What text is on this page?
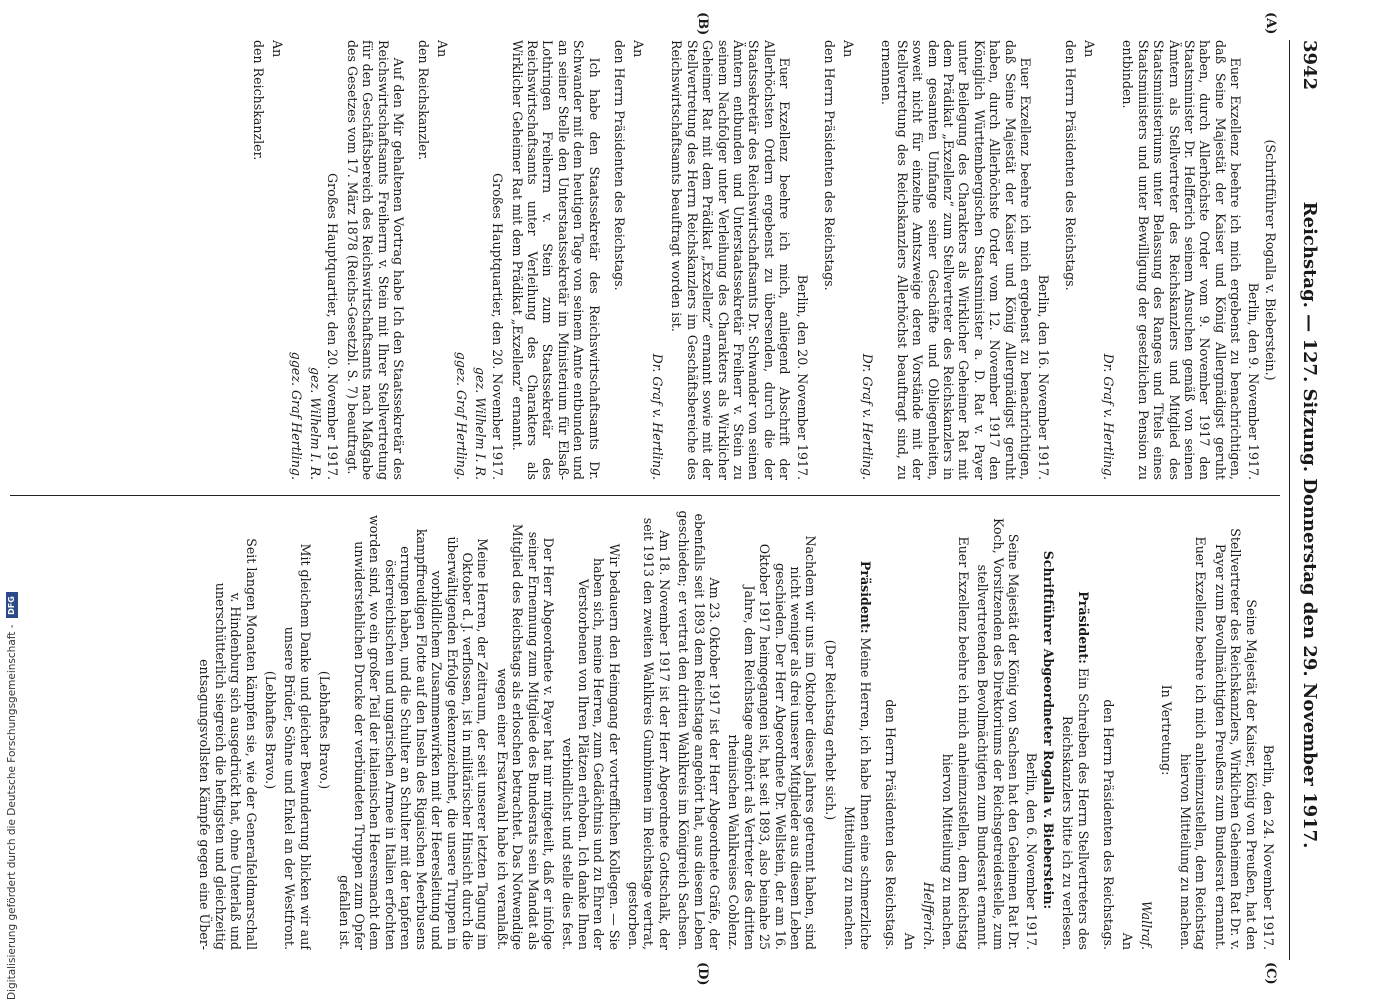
3942
Reichstag. — 127. Sitzung. Donnerstag den 29. November 1917.
(A)
(B)
(C)
(D)

(Schriftführer Rogalla v. Bieberstein.)

Berlin, den 9. November 1917.

Euer Exzellenz beehre ich mich ergebenst zu benachrichtigen, daß Seine Majestät der Kaiser und König Allergnädigst geruht haben, durch Allerhöchste Order vom 9. November 1917 den Staatsminister Dr. Helfferich seinem Ansuchen gemäß von seinen Ämtern als Stellvertreter des Reichskanzlers und Mitglied des Staatsministeriums unter Belassung des Ranges und Titels eines Staatsministers und unter Bewilligung der gesetzlichen Pension zu entbinden.

Dr. Graf v. Hertling.

An

den Herrn Präsidenten des Reichstags.

Berlin, den 16. November 1917.

Euer Exzellenz beehre ich mich ergebenst zu benachrichtigen, daß Seine Majestät der Kaiser und König Allergnädigst geruht haben, durch Allerhöchste Order vom 12. November 1917 den Königlich Württembergischen Staatsminister a. D. Rat v. Payer unter Beilegung des Charakters als Wirklicher Geheimer Rat mit dem Prädikat „Exzellenz“ zum Stellvertreter des Reichskanzlers in dem gesamten Umfange seiner Geschäfte und Obliegenheiten, soweit nicht für einzelne Amtszweige deren Vorstände mit der Stellvertretung des Reichskanzlers Allerhöchst beauftragt sind, zu ernennen.

Dr. Graf v. Hertling.

An

den Herrn Präsidenten des Reichstags.

Berlin, den 20. November 1917.

Euer Exzellenz beehre ich mich, anliegend Abschrift der Allerhöchsten Ordern ergebenst zu übersenden, durch die der Staatssekretär des Reichswirtschaftsamts Dr. Schwander von seinen Ämtern entbunden und Unterstaatssekretär Freiherr v. Stein zu seinem Nachfolger unter Verleihung des Charakters als Wirklicher Geheimer Rat mit dem Prädikat „Exzellenz“ ernannt sowie mit der Stellvertretung des Herrn Reichskanzlers im Geschäftsbereiche des Reichswirtschaftsamts beauftragt worden ist.

Dr. Graf v. Hertling.

An

den Herrn Präsidenten des Reichstags.

Ich habe den Staatssekretär des Reichswirtschaftsamts Dr. Schwander mit dem heutigen Tage von seinem Amte entbunden und an seiner Stelle den Unterstaatssekretär im Ministerium für Elsaß-Lothringen Freiherrn v. Stein zum Staatssekretär des Reichswirtschaftsamts unter Verleihung des Charakters als Wirklicher Geheimer Rat mit dem Prädikat „Exzellenz“ ernannt.

Großes Hauptquartier, den 20. November 1917.

gez. Wilhelm I. R.

ggez. Graf Hertling.

An

den Reichskanzler.

Auf den Mir gehaltenen Vortrag habe Ich den Staatssekretär des Reichswirtschaftsamts Freiherrn v. Stein mit Ihrer Stellvertretung für den Geschäftsbereich des Reichswirtschaftsamts nach Maßgabe des Gesetzes vom 17. März 1878 (Reichs-Gesetzbl. S. 7) beauftragt.

Großes Hauptquartier, den 20. November 1917.

gez. Wilhelm I. R.

ggez. Graf Hertling.

An

den Reichskanzler.

Berlin, den 24. November 1917.

Seine Majestät der Kaiser, König von Preußen, hat den Stellvertreter des Reichskanzlers, Wirklichen Geheimen Rat Dr. v. Payer zum Bevollmächtigten Preußens zum Bundesrat ernannt.

Euer Exzellenz beehre ich mich anheimzustellen, dem Reichstag hiervon Mitteilung zu machen.

In Vertretung:

Wallraf.

An

den Herrn Präsidenten des Reichstags.

Präsident: Ein Schreiben des Herrn Stellvertreters des Reichskanzlers bitte ich zu verlesen.

Schriftführer Abgeordneter Rogalla v. Bieberstein:

Berlin, den 6. November 1917.

Seine Majestät der König von Sachsen hat den Geheimen Rat Dr. Koch, Vorsitzenden des Direktoriums der Reichsgetreidestelle, zum stellvertretenden Bevollmächtigten zum Bundesrat ernannt.

Euer Exzellenz beehre ich mich anheimzustellen, dem Reichstag hiervon Mitteilung zu machen.

Helfferich.

An

den Herrn Präsidenten des Reichstags.

Präsident: Meine Herren, ich habe Ihnen eine schmerzliche Mitteilung zu machen.

(Der Reichstag erhebt sich.)

Nachdem wir uns im Oktober dieses Jahres getrennt haben, sind nicht weniger als drei unserer Mitglieder aus diesem Leben geschieden. Der Herr Abgeordnete Dr. Wellstein, der am 16. Oktober 1917 heimgegangen ist, hat seit 1893, also beinahe 25 Jahre, dem Reichstage angehört als Vertreter des dritten rheinischen Wahlkreises Coblenz.

Am 23. Oktober 1917 ist der Herr Abgeordnete Gräfe, der ebenfalls seit 1893 dem Reichstage angehört hat, aus diesem Leben geschieden; er vertrat den dritten Wahlkreis im Königreich Sachsen.

Am 18. November 1917 ist der Herr Abgeordnete Gottschalk, der seit 1913 den zweiten Wahlkreis Gumbinnen im Reichstage vertrat, gestorben.

Wir bedauern den Heimgang der vortrefflichen Kollegen. — Sie haben sich, meine Herren, zum Gedächtnis und zu Ehren der Verstorbenen von Ihren Plätzen erhoben. Ich danke Ihnen verbindlichst und stelle dies fest.

Der Herr Abgeordnete v. Payer hat mir mitgeteilt, daß er infolge seiner Ernennung zum Mitgliede des Bundesrats sein Mandat als Mitglied des Reichstags als erloschen betrachtet. Das Notwendige wegen einer Ersatzwahl habe ich veranlaßt.

Meine Herren, der Zeitraum, der seit unserer letzten Tagung im Oktober d. J. verflossen, ist in militärischer Hinsicht durch die überwältigenden Erfolge gekennzeichnet, die unsere Truppen in vorbildlichem Zusammenwirken mit der Heeresleitung und kampffreudigen Flotte auf den Inseln des Rigaischen Meerbusens errungen haben, und die Schulter an Schulter mit der tapferen österreichischen und ungarischen Armee in Italien erfochten worden sind, wo ein großer Teil der italienischen Heeresmacht dem unwiderstehlichen Drucke der verbündeten Truppen zum Opfer gefallen ist.

(Lebhaftes Bravo.)

Mit gleichem Danke und gleicher Bewunderung blicken wir auf unsere Brüder, Söhne und Enkel an der Westfront.

(Lebhaftes Bravo.)

Seit langen Monaten kämpfen sie, wie der Generalfeldmarschall v. Hindenburg sich ausgedrückt hat, ohne Unterlaß und unerschütterlich siegreich die heftigsten und gleichzeitig entsagungsvollsten Kämpfe gegen eine Über-

Digitalisierung gefördert durch die Deutsche Forschungsgemeinschaft -
DFG
